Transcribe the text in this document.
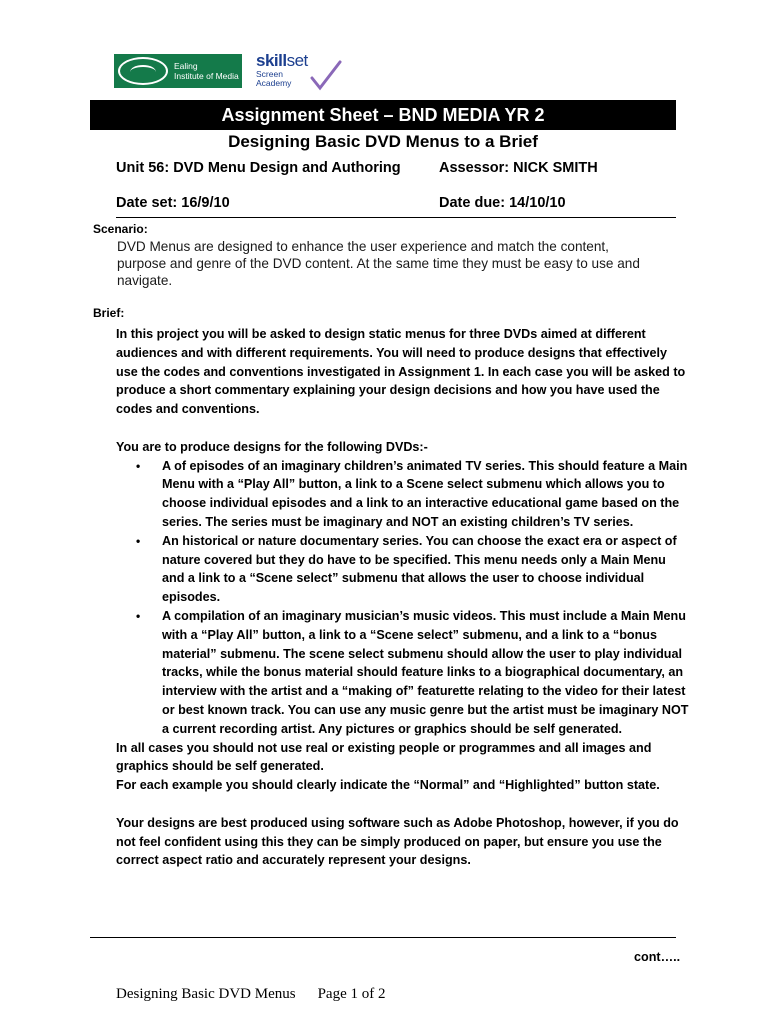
Ealing
Institute of Media
skillset
Screen
Academy
Assignment Sheet – BND MEDIA YR 2
Designing Basic DVD Menus to a Brief
Unit 56: DVD Menu Design and Authoring	Assessor: NICK SMITH
Date set: 16/9/10	Date due: 14/10/10
Scenario:
DVD Menus are designed to enhance the user experience and match the content, purpose and genre of the DVD content. At the same time they must be easy to use and navigate.
Brief:

In this project you will be asked to design static menus for three DVDs aimed at different audiences and with different requirements. You will need to produce designs that effectively use the codes and conventions investigated in Assignment 1. In each case you will be asked to produce a short commentary explaining your design decisions and how you have used the codes and conventions.

You are to produce designs for the following DVDs:-

• A of episodes of an imaginary children’s animated TV series. This should feature a Main Menu with a “Play All” button, a link to a Scene select submenu which allows you to choose individual episodes and a link to an interactive educational game based on the series. The series must be imaginary and NOT an existing children’s TV series.
• An historical or nature documentary series. You can choose the exact era or aspect of nature covered but they do have to be specified. This menu needs only a Main Menu and a link to a “Scene select” submenu that allows the user to choose individual episodes.
• A compilation of an imaginary musician’s music videos. This must include a Main Menu with a “Play All” button, a link to a “Scene select” submenu, and a link to a “bonus material” submenu. The scene select submenu should allow the user to play individual tracks, while the bonus material should feature links to a biographical documentary, an interview with the artist and a “making of” featurette relating to the video for their latest or best known track. You can use any music genre but the artist must be imaginary NOT a current recording artist. Any pictures or graphics should be self generated.

In all cases you should not use real or existing people or programmes and all images and graphics should be self generated.

For each example you should clearly indicate the “Normal” and “Highlighted” button state.

Your designs are best produced using software such as Adobe Photoshop, however, if you do not feel confident using this they can be simply produced on paper, but ensure you use the correct aspect ratio and accurately represent your designs.

cont…..
Designing Basic DVD Menus Page 1 of 2
